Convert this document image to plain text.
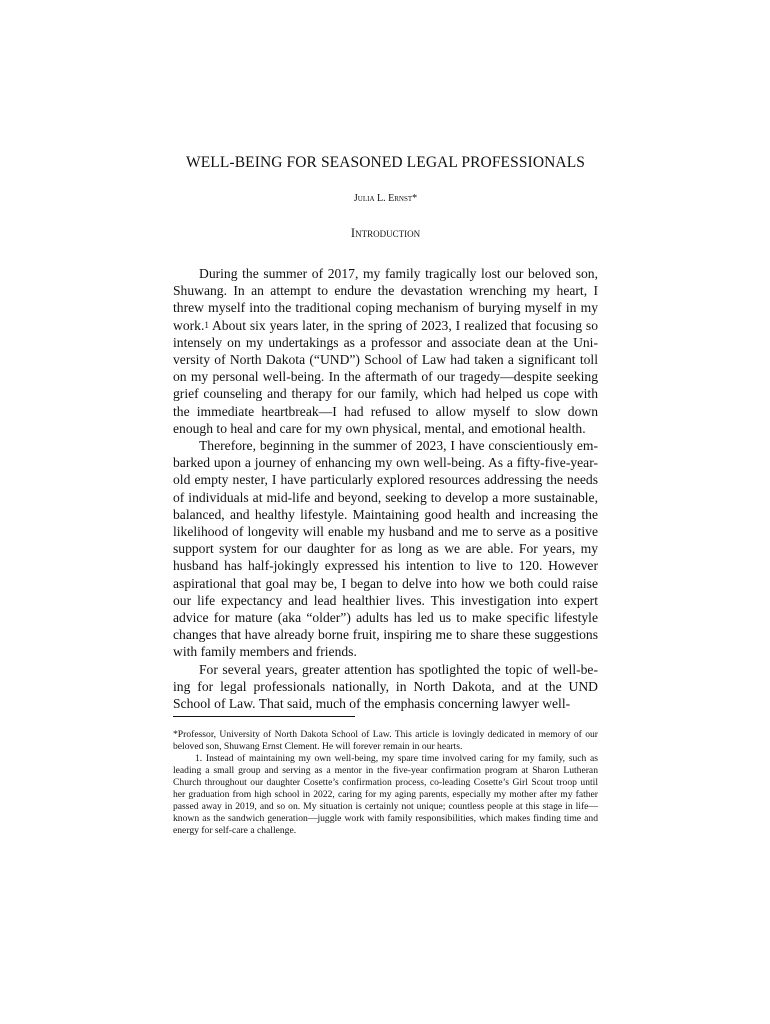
WELL-BEING FOR SEASONED LEGAL PROFESSIONALS
Julia L. Ernst*
Introduction

During the summer of 2017, my family tragically lost our beloved son, Shuwang. In an attempt to endure the devastation wrenching my heart, I threw myself into the traditional coping mechanism of burying myself in my work.1 About six years later, in the spring of 2023, I realized that focusing so intensely on my undertakings as a professor and associate dean at the University of North Dakota (“UND”) School of Law had taken a significant toll on my personal well-being. In the aftermath of our tragedy—despite seeking grief counseling and therapy for our family, which had helped us cope with the immediate heartbreak—I had refused to allow myself to slow down enough to heal and care for my own physical, mental, and emotional health.

Therefore, beginning in the summer of 2023, I have conscientiously embarked upon a journey of enhancing my own well-being. As a fifty-five-year-old empty nester, I have particularly explored resources addressing the needs of individuals at mid-life and beyond, seeking to develop a more sustainable, balanced, and healthy lifestyle. Maintaining good health and increasing the likelihood of longevity will enable my husband and me to serve as a positive support system for our daughter for as long as we are able. For years, my husband has half-jokingly expressed his intention to live to 120. However aspirational that goal may be, I began to delve into how we both could raise our life expectancy and lead healthier lives. This investigation into expert advice for mature (aka “older”) adults has led us to make specific lifestyle changes that have already borne fruit, inspiring me to share these suggestions with family members and friends.

For several years, greater attention has spotlighted the topic of well-being for legal professionals nationally, in North Dakota, and at the UND School of Law. That said, much of the emphasis concerning lawyer well-

*Professor, University of North Dakota School of Law. This article is lovingly dedicated in memory of our beloved son, Shuwang Ernst Clement. He will forever remain in our hearts.

1. Instead of maintaining my own well-being, my spare time involved caring for my family, such as leading a small group and serving as a mentor in the five-year confirmation program at Sharon Lutheran Church throughout our daughter Cosette’s confirmation process, co-leading Cosette’s Girl Scout troop until her graduation from high school in 2022, caring for my aging parents, especially my mother after my father passed away in 2019, and so on. My situation is certainly not unique; countless people at this stage in life—known as the sandwich generation—juggle work with family responsibilities, which makes finding time and energy for self-care a challenge.
